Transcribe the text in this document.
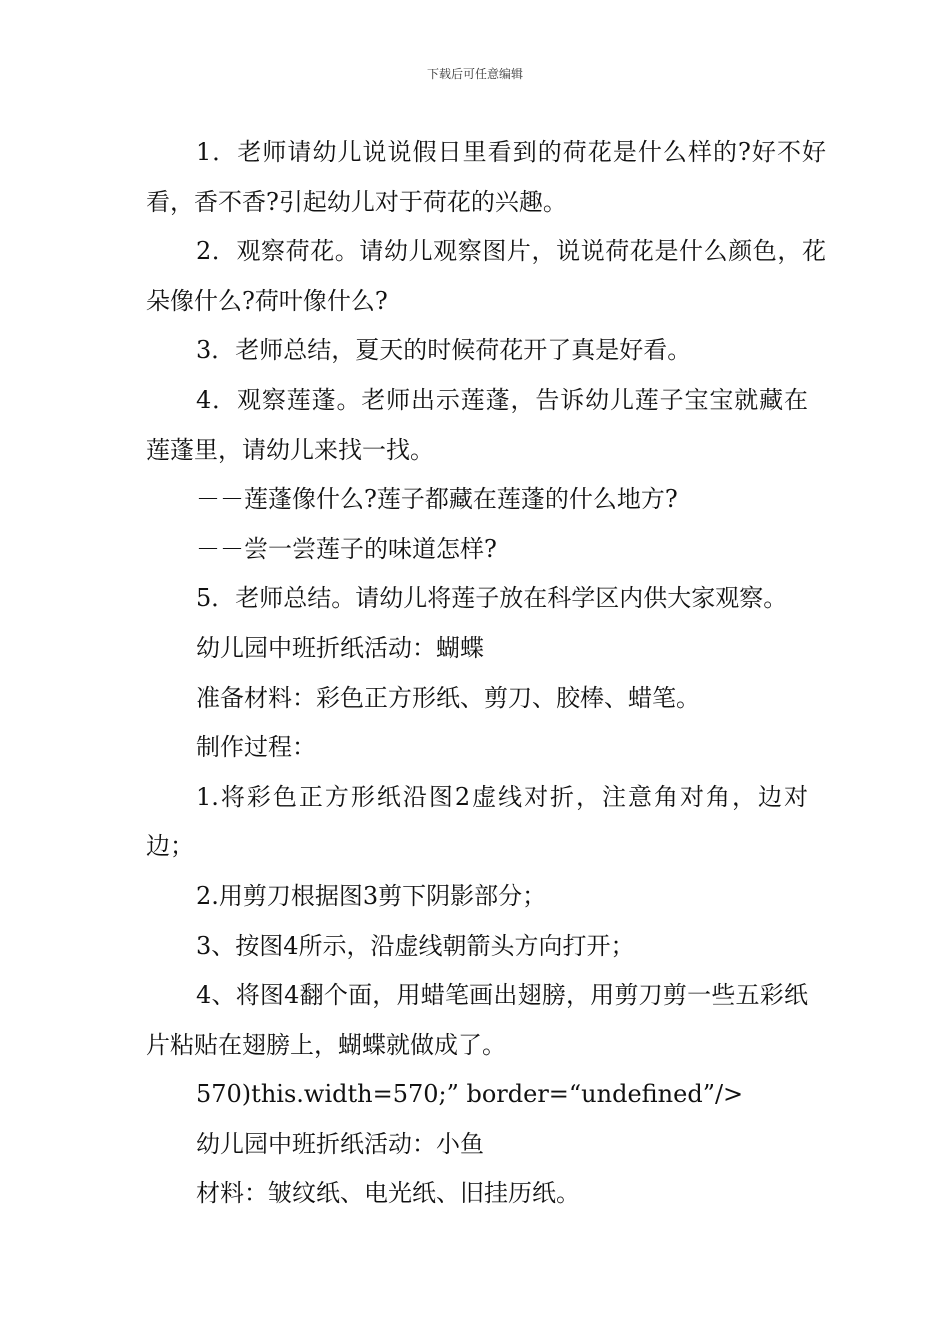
下载后可任意编辑

1．老师请幼儿说说假日里看到的荷花是什么样的?好不好看，香不香?引起幼儿对于荷花的兴趣。

2．观察荷花。请幼儿观察图片，说说荷花是什么颜色，花朵像什么?荷叶像什么?

3．老师总结，夏天的时候荷花开了真是好看。

4．观察莲蓬。老师出示莲蓬，告诉幼儿莲子宝宝就藏在莲蓬里，请幼儿来找一找。

－－莲蓬像什么?莲子都藏在莲蓬的什么地方?

－－尝一尝莲子的味道怎样?

5．老师总结。请幼儿将莲子放在科学区内供大家观察。

幼儿园中班折纸活动：蝴蝶

准备材料：彩色正方形纸、剪刀、胶棒、蜡笔。

制作过程：

1.将彩色正方形纸沿图2虚线对折，注意角对角，边对边；

2.用剪刀根据图3剪下阴影部分；

3、按图4所示，沿虚线朝箭头方向打开；

4、将图4翻个面，用蜡笔画出翅膀，用剪刀剪一些五彩纸片粘贴在翅膀上，蝴蝶就做成了。

570)this.width=570;” border=“undefined”/>

幼儿园中班折纸活动：小鱼

材料：皱纹纸、电光纸、旧挂历纸。
